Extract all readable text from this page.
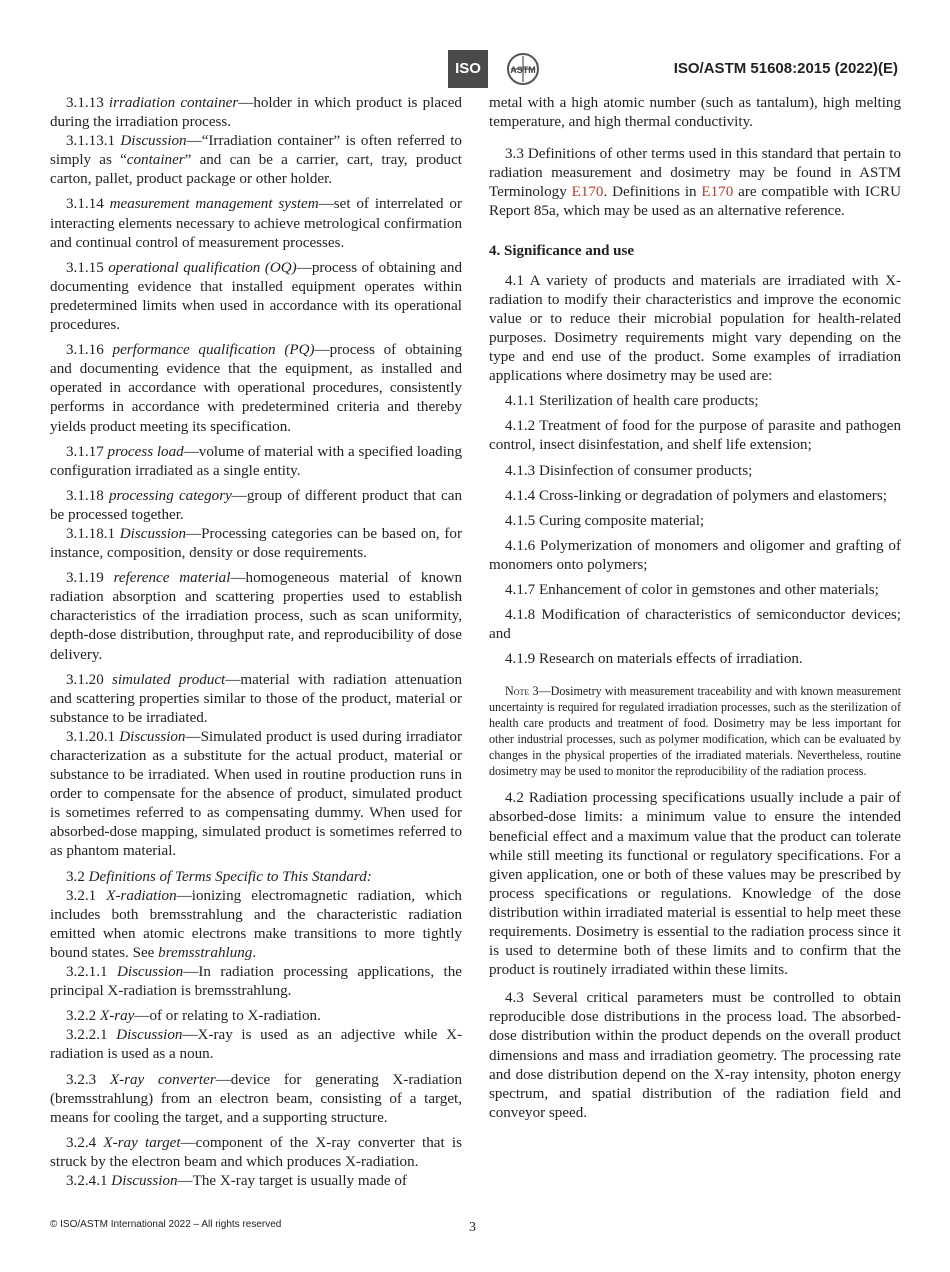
ISO	ASTM	ISO/ASTM 51608:2015 (2022)(E)

3.1.13 irradiation container—holder in which product is placed during the irradiation process.

3.1.13.1 Discussion—“Irradiation container” is often referred to simply as “container” and can be a carrier, cart, tray, product carton, pallet, product package or other holder.

3.1.14 measurement management system—set of interrelated or interacting elements necessary to achieve metrological confirmation and continual control of measurement processes.

3.1.15 operational qualification (OQ)—process of obtaining and documenting evidence that installed equipment operates within predetermined limits when used in accordance with its operational procedures.

3.1.16 performance qualification (PQ)—process of obtaining and documenting evidence that the equipment, as installed and operated in accordance with operational procedures, consistently performs in accordance with predetermined criteria and thereby yields product meeting its specification.

3.1.17 process load—volume of material with a specified loading configuration irradiated as a single entity.

3.1.18 processing category—group of different product that can be processed together.

3.1.18.1 Discussion—Processing categories can be based on, for instance, composition, density or dose requirements.

3.1.19 reference material—homogeneous material of known radiation absorption and scattering properties used to establish characteristics of the irradiation process, such as scan uniformity, depth-dose distribution, throughput rate, and reproducibility of dose delivery.

3.1.20 simulated product—material with radiation attenuation and scattering properties similar to those of the product, material or substance to be irradiated.

3.1.20.1 Discussion—Simulated product is used during irradiator characterization as a substitute for the actual product, material or substance to be irradiated. When used in routine production runs in order to compensate for the absence of product, simulated product is sometimes referred to as compensating dummy. When used for absorbed-dose mapping, simulated product is sometimes referred to as phantom material.

3.2 Definitions of Terms Specific to This Standard:

3.2.1 X-radiation—ionizing electromagnetic radiation, which includes both bremsstrahlung and the characteristic radiation emitted when atomic electrons make transitions to more tightly bound states. See bremsstrahlung.

3.2.1.1 Discussion—In radiation processing applications, the principal X-radiation is bremsstrahlung.

3.2.2 X-ray—of or relating to X-radiation.

3.2.2.1 Discussion—X-ray is used as an adjective while X-radiation is used as a noun.

3.2.3 X-ray converter—device for generating X-radiation (bremsstrahlung) from an electron beam, consisting of a target, means for cooling the target, and a supporting structure.

3.2.4 X-ray target—component of the X-ray converter that is struck by the electron beam and which produces X-radiation.

3.2.4.1 Discussion—The X-ray target is usually made of

metal with a high atomic number (such as tantalum), high melting temperature, and high thermal conductivity.

3.3 Definitions of other terms used in this standard that pertain to radiation measurement and dosimetry may be found in ASTM Terminology E170. Definitions in E170 are compatible with ICRU Report 85a, which may be used as an alternative reference.

4. Significance and use

4.1 A variety of products and materials are irradiated with X-radiation to modify their characteristics and improve the economic value or to reduce their microbial population for health-related purposes. Dosimetry requirements might vary depending on the type and end use of the product. Some examples of irradiation applications where dosimetry may be used are:

4.1.1 Sterilization of health care products;

4.1.2 Treatment of food for the purpose of parasite and pathogen control, insect disinfestation, and shelf life extension;

4.1.3 Disinfection of consumer products;

4.1.4 Cross-linking or degradation of polymers and elastomers;

4.1.5 Curing composite material;

4.1.6 Polymerization of monomers and oligomer and grafting of monomers onto polymers;

4.1.7 Enhancement of color in gemstones and other materials;

4.1.8 Modification of characteristics of semiconductor devices; and

4.1.9 Research on materials effects of irradiation.

Note 3—Dosimetry with measurement traceability and with known measurement uncertainty is required for regulated irradiation processes, such as the sterilization of health care products and treatment of food. Dosimetry may be less important for other industrial processes, such as polymer modification, which can be evaluated by changes in the physical properties of the irradiated materials. Nevertheless, routine dosimetry may be used to monitor the reproducibility of the radiation process.

4.2 Radiation processing specifications usually include a pair of absorbed-dose limits: a minimum value to ensure the intended beneficial effect and a maximum value that the product can tolerate while still meeting its functional or regulatory specifications. For a given application, one or both of these values may be prescribed by process specifications or regulations. Knowledge of the dose distribution within irradiated material is essential to help meet these requirements. Dosimetry is essential to the radiation process since it is used to determine both of these limits and to confirm that the product is routinely irradiated within these limits.

4.3 Several critical parameters must be controlled to obtain reproducible dose distributions in the process load. The absorbed-dose distribution within the product depends on the overall product dimensions and mass and irradiation geometry. The processing rate and dose distribution depend on the X-ray intensity, photon energy spectrum, and spatial distribution of the radiation field and conveyor speed.

© ISO/ASTM International 2022 – All rights reserved	3
